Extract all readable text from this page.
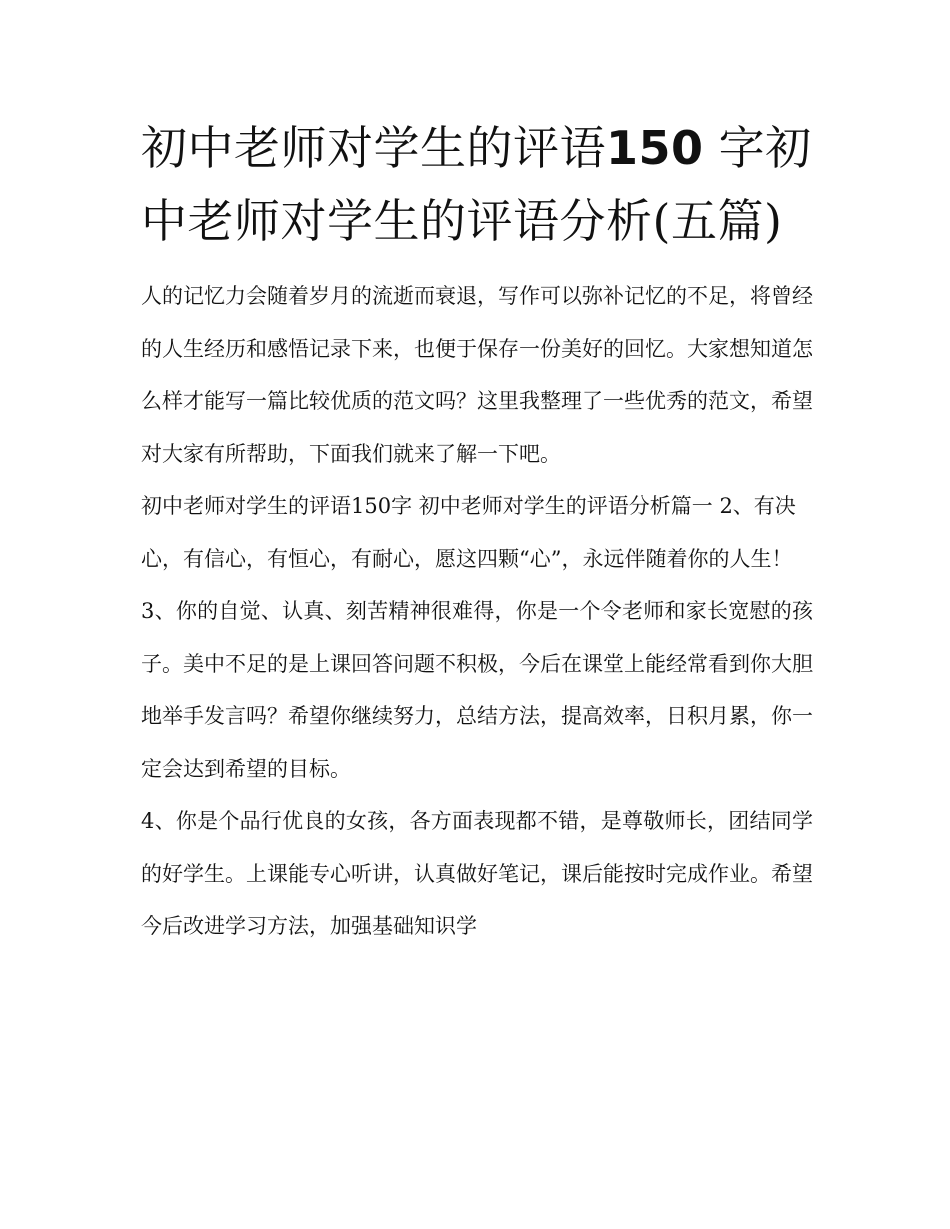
初中老师对学生的评语150 字初中老师对学生的评语分析(五篇)

人的记忆力会随着岁月的流逝而衰退，写作可以弥补记忆的不足，将曾经的人生经历和感悟记录下来，也便于保存一份美好的回忆。大家想知道怎么样才能写一篇比较优质的范文吗？这里我整理了一些优秀的范文，希望对大家有所帮助，下面我们就来了解一下吧。

初中老师对学生的评语150字 初中老师对学生的评语分析篇一 2、有决心，有信心，有恒心，有耐心，愿这四颗“心”，永远伴随着你的人生！

3、你的自觉、认真、刻苦精神很难得，你是一个令老师和家长宽慰的孩子。美中不足的是上课回答问题不积极，今后在课堂上能经常看到你大胆地举手发言吗？希望你继续努力，总结方法，提高效率，日积月累，你一定会达到希望的目标。

4、你是个品行优良的女孩，各方面表现都不错，是尊敬师长，团结同学的好学生。上课能专心听讲，认真做好笔记，课后能按时完成作业。希望今后改进学习方法，加强基础知识学
